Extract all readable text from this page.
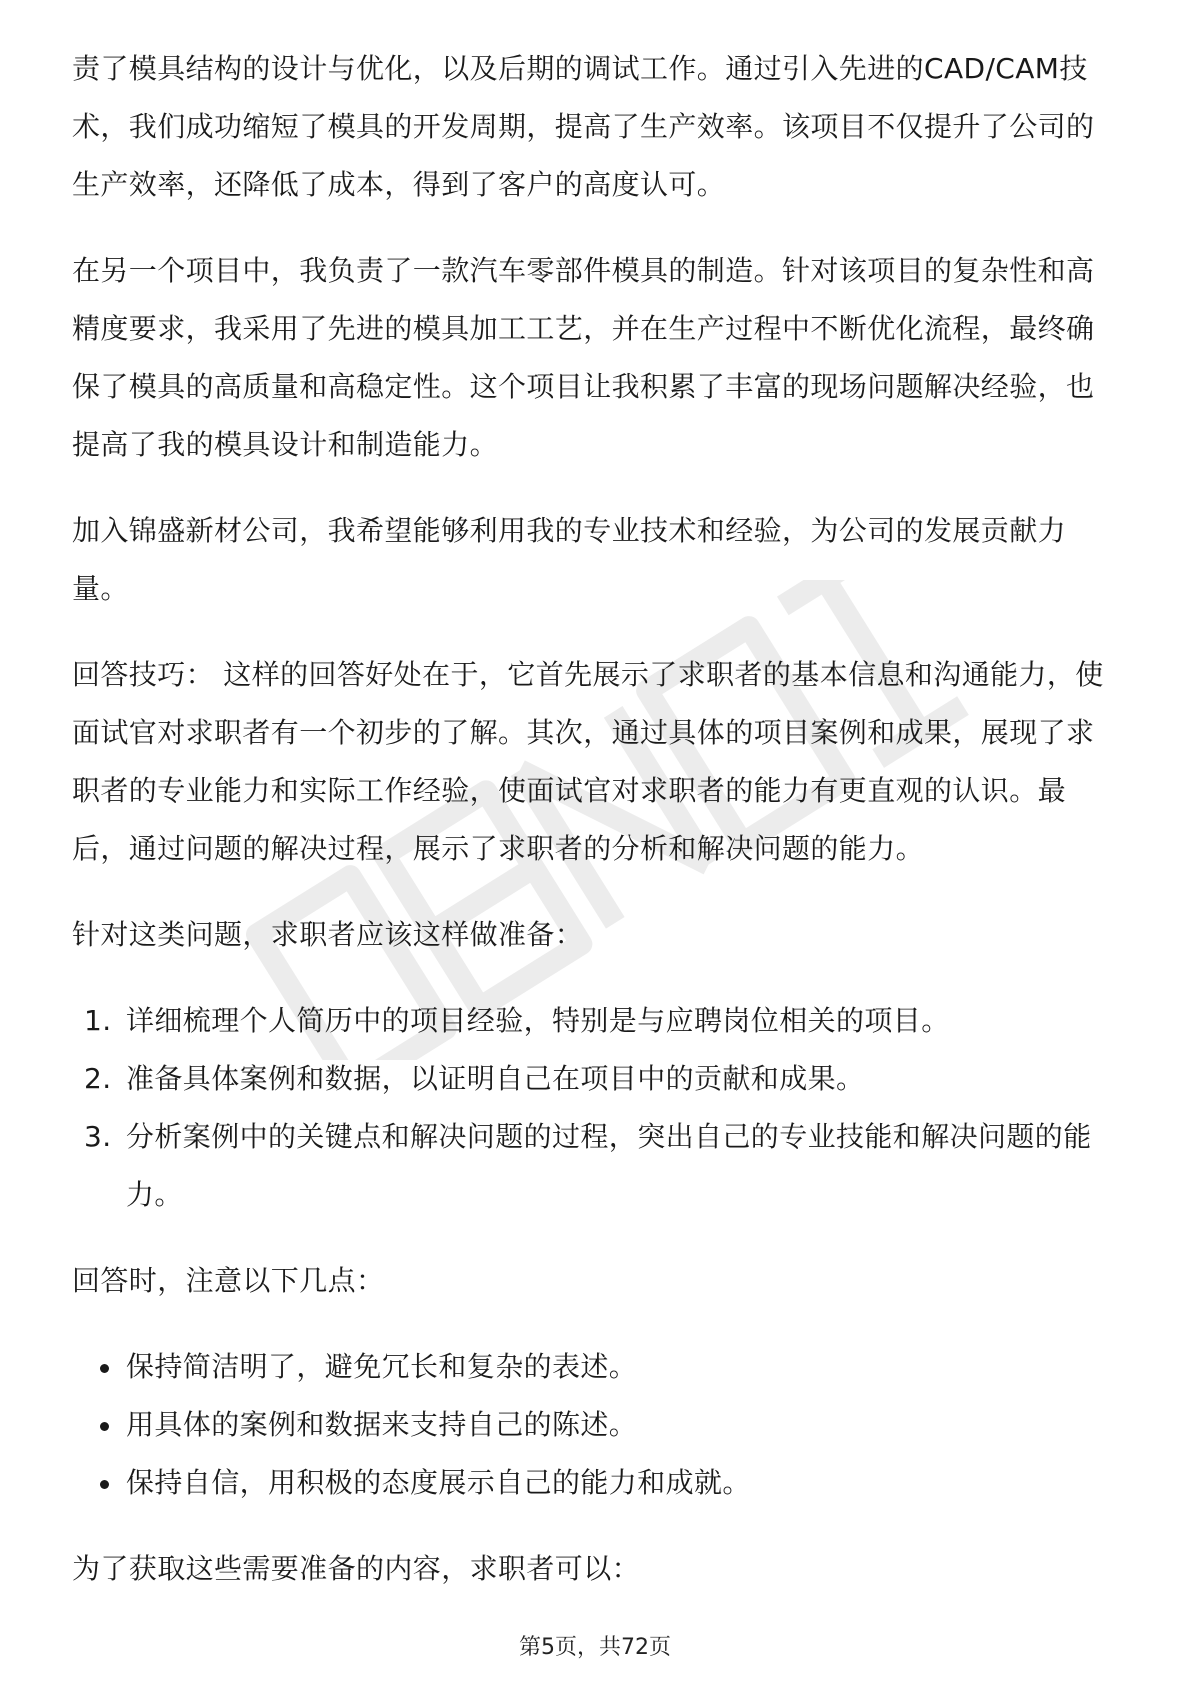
责了模具结构的设计与优化，以及后期的调试工作。通过引入先进的CAD/CAM技术，我们成功缩短了模具的开发周期，提高了生产效率。该项目不仅提升了公司的生产效率，还降低了成本，得到了客户的高度认可。

在另一个项目中，我负责了一款汽车零部件模具的制造。针对该项目的复杂性和高精度要求，我采用了先进的模具加工工艺，并在生产过程中不断优化流程，最终确保了模具的高质量和高稳定性。这个项目让我积累了丰富的现场问题解决经验，也提高了我的模具设计和制造能力。

加入锦盛新材公司，我希望能够利用我的专业技术和经验，为公司的发展贡献力量。

回答技巧： 这样的回答好处在于，它首先展示了求职者的基本信息和沟通能力，使面试官对求职者有一个初步的了解。其次，通过具体的项目案例和成果，展现了求职者的专业能力和实际工作经验，使面试官对求职者的能力有更直观的认识。最后，通过问题的解决过程，展示了求职者的分析和解决问题的能力。

针对这类问题，求职者应该这样做准备：

1. 详细梳理个人简历中的项目经验，特别是与应聘岗位相关的项目。
2. 准备具体案例和数据，以证明自己在项目中的贡献和成果。
3. 分析案例中的关键点和解决问题的过程，突出自己的专业技能和解决问题的能力。

回答时，注意以下几点：

保持简洁明了，避免冗长和复杂的表述。
用具体的案例和数据来支持自己的陈述。
保持自信，用积极的态度展示自己的能力和成就。

为了获取这些需要准备的内容，求职者可以：

第5页，共72页
